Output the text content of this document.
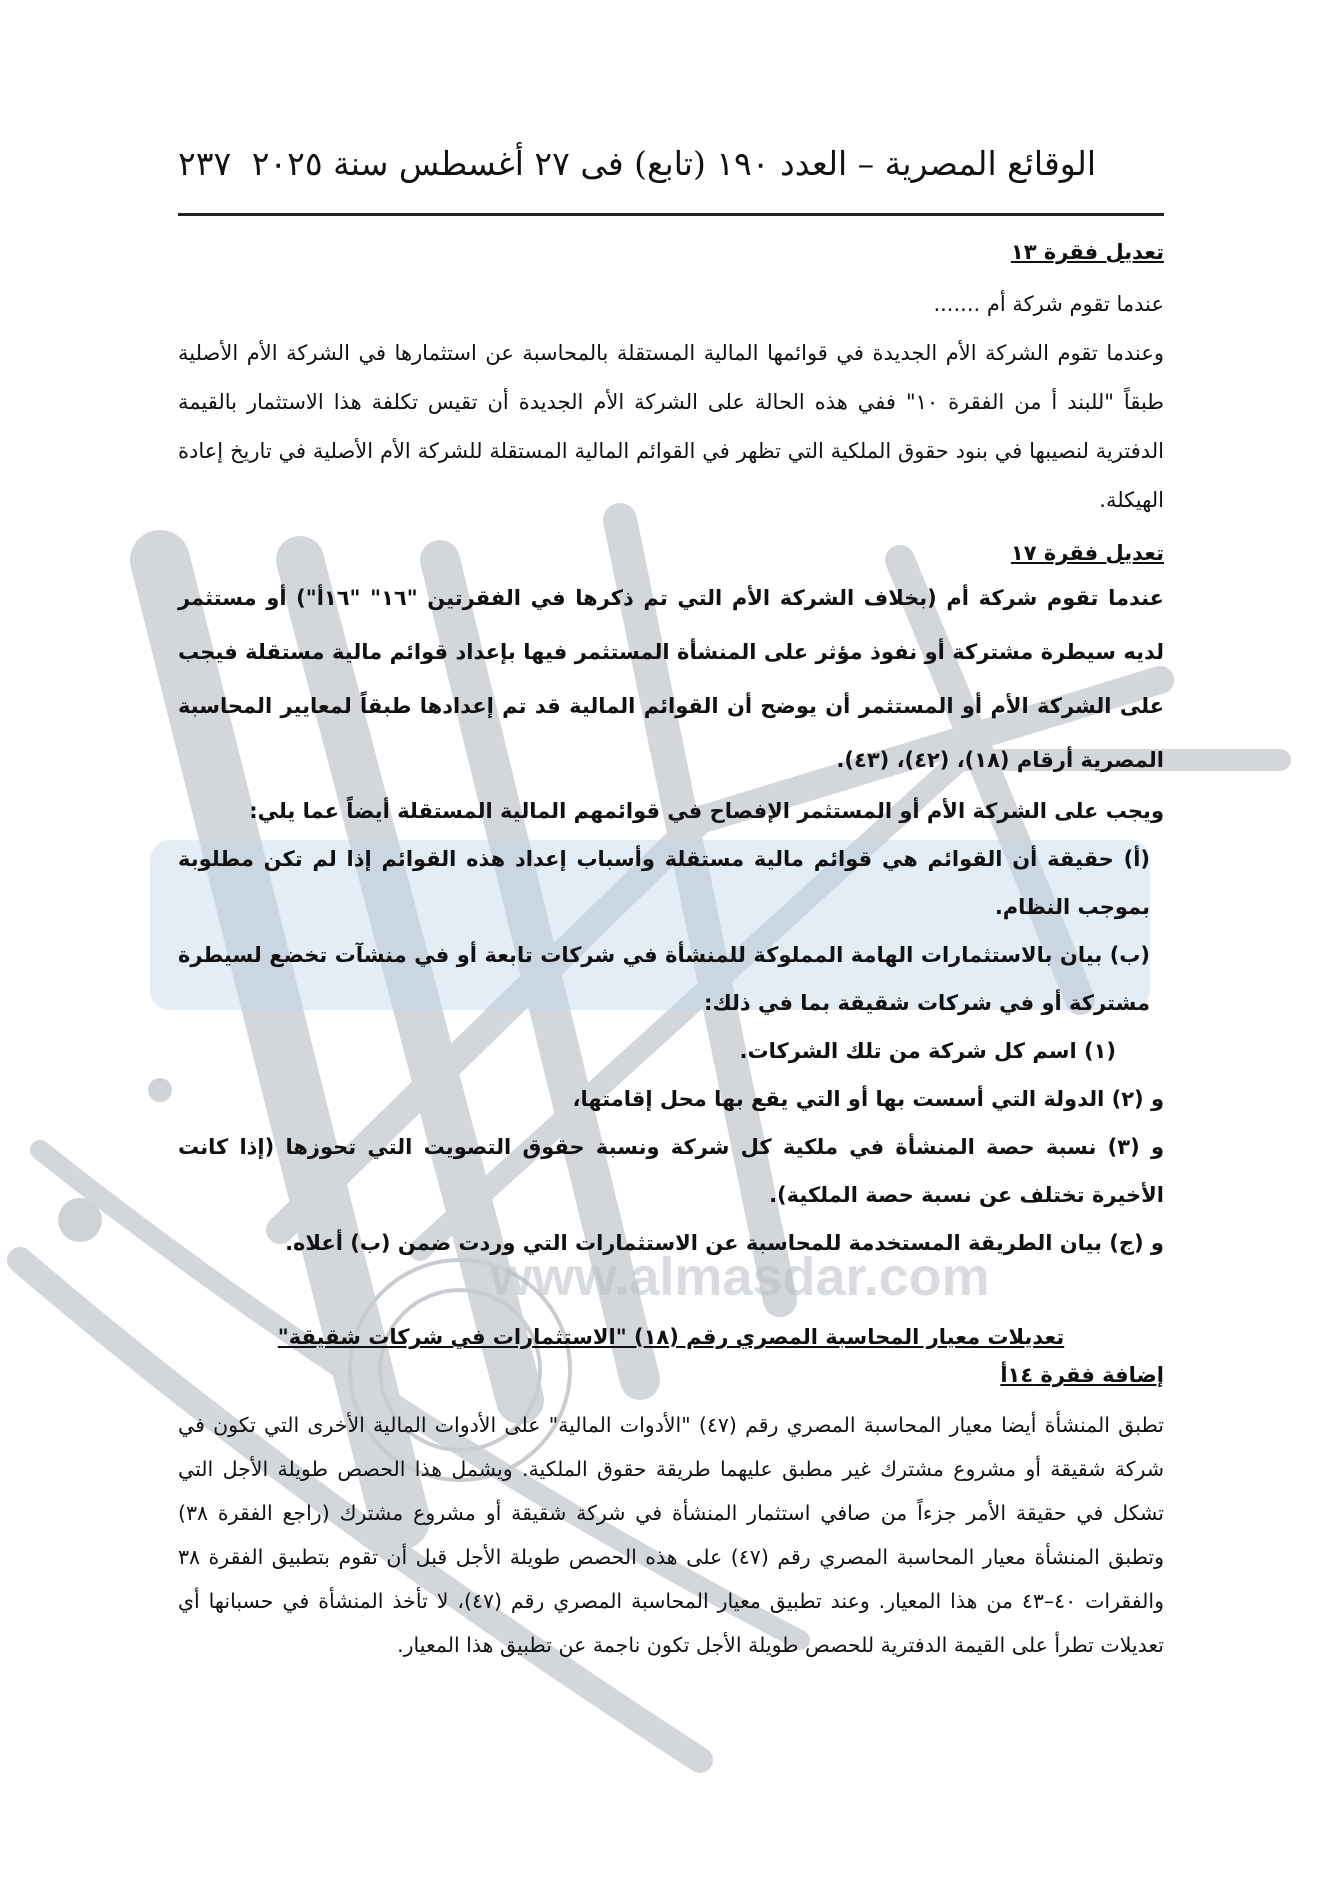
www.almasdar.com
الوقائع المصرية – العدد ١٩٠ (تابع) فى ٢٧ أغسطس سنة ٢٠٢٥
٢٣٧

تعديل فقرة ١٣

عندما تقوم شركة أم .......

وعندما تقوم الشركة الأم الجديدة في قوائمها المالية المستقلة بالمحاسبة عن استثمارها في الشركة الأم الأصلية طبقاً "للبند أ من الفقرة ١٠" ففي هذه الحالة على الشركة الأم الجديدة أن تقيس تكلفة هذا الاستثمار بالقيمة الدفترية لنصيبها في بنود حقوق الملكية التي تظهر في القوائم المالية المستقلة للشركة الأم الأصلية في تاريخ إعادة الهيكلة.

تعديل فقرة ١٧

عندما تقوم شركة أم (بخلاف الشركة الأم التي تم ذكرها في الفقرتين "١٦" "١٦أ") أو مستثمر لديه سيطرة مشتركة أو نفوذ مؤثر على المنشأة المستثمر فيها بإعداد قوائم مالية مستقلة فيجب على الشركة الأم أو المستثمر أن يوضح أن القوائم المالية قد تم إعدادها طبقاً لمعايير المحاسبة المصرية أرقام (١٨)، (٤٢)، (٤٣).

ويجب على الشركة الأم أو المستثمر الإفصاح في قوائمهم المالية المستقلة أيضاً عما يلي:

(أ) حقيقة أن القوائم هي قوائم مالية مستقلة وأسباب إعداد هذه القوائم إذا لم تكن مطلوبة بموجب النظام.

(ب) بيان بالاستثمارات الهامة المملوكة للمنشأة في شركات تابعة أو في منشآت تخضع لسيطرة مشتركة أو في شركات شقيقة بما في ذلك:

(١) اسم كل شركة من تلك الشركات.

و (٢) الدولة التي أسست بها أو التي يقع بها محل إقامتها،

و (٣) نسبة حصة المنشأة في ملكية كل شركة ونسبة حقوق التصويت التي تحوزها (إذا كانت الأخيرة تختلف عن نسبة حصة الملكية).

و (ج) بيان الطريقة المستخدمة للمحاسبة عن الاستثمارات التي وردت ضمن (ب) أعلاه.

تعديلات معيار المحاسبة المصري رقم (١٨) "الاستثمارات في شركات شقيقة"

إضافة فقرة ١٤أ

تطبق المنشأة أيضا معيار المحاسبة المصري رقم (٤٧) "الأدوات المالية" على الأدوات المالية الأخرى التي تكون في شركة شقيقة أو مشروع مشترك غير مطبق عليهما طريقة حقوق الملكية. ويشمل هذا الحصص طويلة الأجل التي تشكل في حقيقة الأمر جزءاً من صافي استثمار المنشأة في شركة شقيقة أو مشروع مشترك (راجع الفقرة ٣٨) وتطبق المنشأة معيار المحاسبة المصري رقم (٤٧) على هذه الحصص طويلة الأجل قبل أن تقوم بتطبيق الفقرة ٣٨ والفقرات ٤٠–٤٣ من هذا المعيار. وعند تطبيق معيار المحاسبة المصري رقم (٤٧)، لا تأخذ المنشأة في حسبانها أي تعديلات تطرأ على القيمة الدفترية للحصص طويلة الأجل تكون ناجمة عن تطبيق هذا المعيار.
